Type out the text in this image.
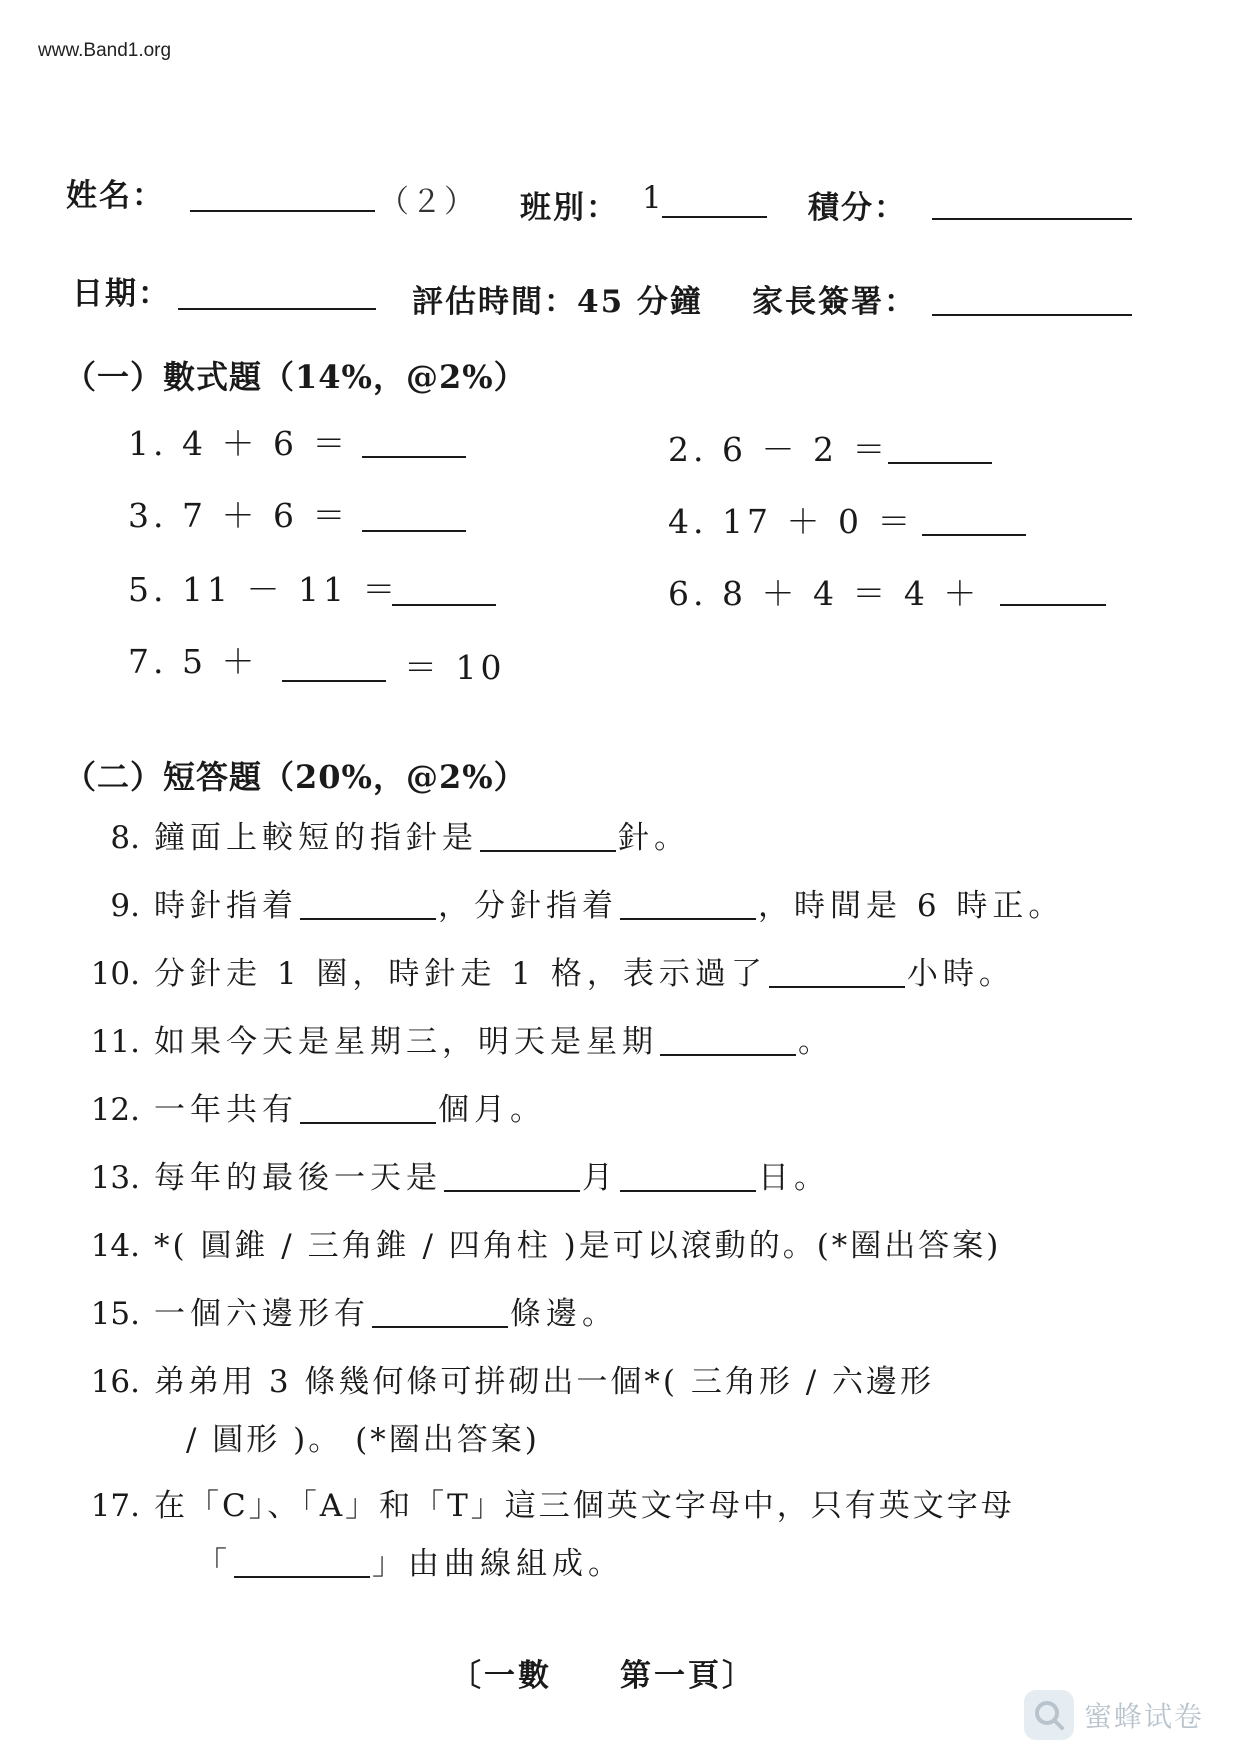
www.Band1.org
姓名：	（２） 班別： 1	積分：
日期：	評估時間：45 分鐘 家長簽署：
（一）數式題（14%，@2%）
1. 4 ＋ 6 ＝	2. 6 － 2 ＝
3. 7 ＋ 6 ＝	4. 17 ＋ 0 ＝
5. 11 － 11 ＝	6. 8 ＋ 4 ＝ 4 ＋
7. 5 ＋	＝ 10
（二）短答題（20%，@2%）
8. 鐘面上較短的指針是	針。
9. 時針指着	，分針指着	，時間是 6 時正。
10. 分針走 1 圈，時針走 1 格，表示過了	小時。
11. 如果今天是星期三，明天是星期	。
12. 一年共有	個月。
13. 每年的最後一天是	月	日。
14. *( 圓錐 / 三角錐 / 四角柱 )是可以滾動的。(*圈出答案)
15. 一個六邊形有	條邊。
16. 弟弟用 3 條幾何條可拼砌出一個*( 三角形 / 六邊形
/ 圓形 )。 (*圈出答案)
17. 在「C」、「A」和「T」這三個英文字母中，只有英文字母
「	」由曲線組成。
〔一數　　第一頁〕
蜜蜂试卷
